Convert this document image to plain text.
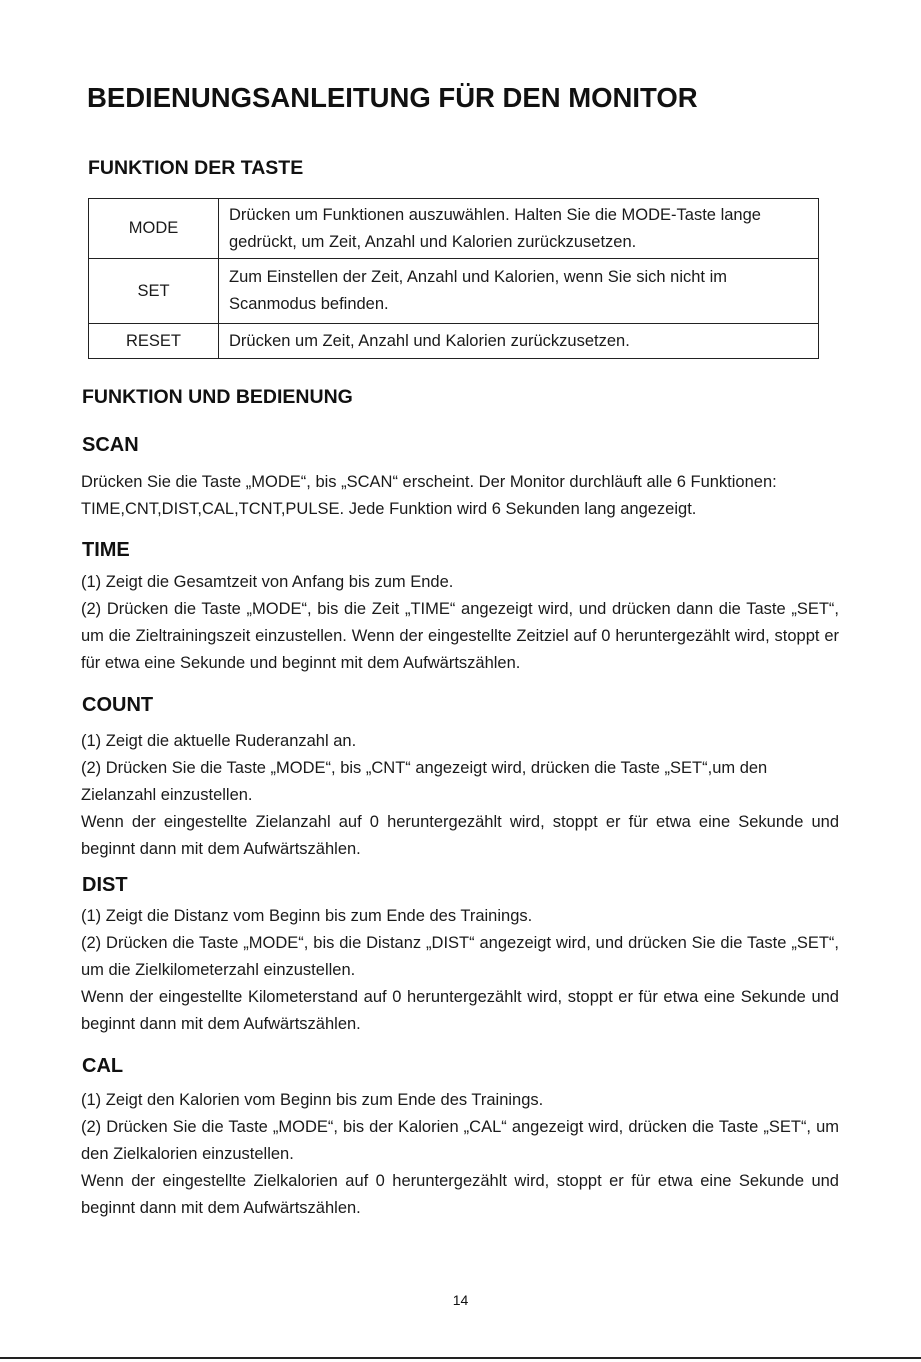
BEDIENUNGSANLEITUNG FÜR DEN MONITOR
FUNKTION DER TASTE
MODE	Drücken um Funktionen auszuwählen. Halten Sie die MODE-Taste lange gedrückt, um Zeit, Anzahl und Kalorien zurückzusetzen.
SET	Zum Einstellen der Zeit, Anzahl und Kalorien, wenn Sie sich nicht im Scanmodus befinden.
RESET	Drücken um Zeit, Anzahl und Kalorien zurückzusetzen.
FUNKTION UND BEDIENUNG
SCAN

Drücken Sie die Taste „MODE“, bis „SCAN“ erscheint. Der Monitor durchläuft alle 6 Funktionen: TIME,CNT,DIST,CAL,TCNT,PULSE. Jede Funktion wird 6 Sekunden lang angezeigt.

TIME

(1) Zeigt die Gesamtzeit von Anfang bis zum Ende.

(2) Drücken die Taste „MODE“, bis die Zeit „TIME“ angezeigt wird, und drücken dann die Taste „SET“, um die Zieltrainingszeit einzustellen. Wenn der eingestellte Zeitziel auf 0 heruntergezählt wird, stoppt er für etwa eine Sekunde und beginnt mit dem Aufwärtszählen.

COUNT

(1) Zeigt die aktuelle Ruderanzahl an.

(2) Drücken Sie die Taste „MODE“, bis „CNT“ angezeigt wird, drücken die Taste „SET“,um den Zielanzahl einzustellen.

Wenn der eingestellte Zielanzahl auf 0 heruntergezählt wird, stoppt er für etwa eine Sekunde und beginnt dann mit dem Aufwärtszählen.

DIST

(1) Zeigt die Distanz vom Beginn bis zum Ende des Trainings.

(2) Drücken die Taste „MODE“, bis die Distanz „DIST“ angezeigt wird, und drücken Sie die Taste „SET“, um die Zielkilometerzahl einzustellen.

Wenn der eingestellte Kilometerstand auf 0 heruntergezählt wird, stoppt er für etwa eine Sekunde und beginnt dann mit dem Aufwärtszählen.

CAL

(1) Zeigt den Kalorien vom Beginn bis zum Ende des Trainings.

(2) Drücken Sie die Taste „MODE“, bis der Kalorien „CAL“ angezeigt wird, drücken die Taste „SET“, um den Zielkalorien einzustellen.

Wenn der eingestellte Zielkalorien auf 0 heruntergezählt wird, stoppt er für etwa eine Sekunde und beginnt dann mit dem Aufwärtszählen.

14
